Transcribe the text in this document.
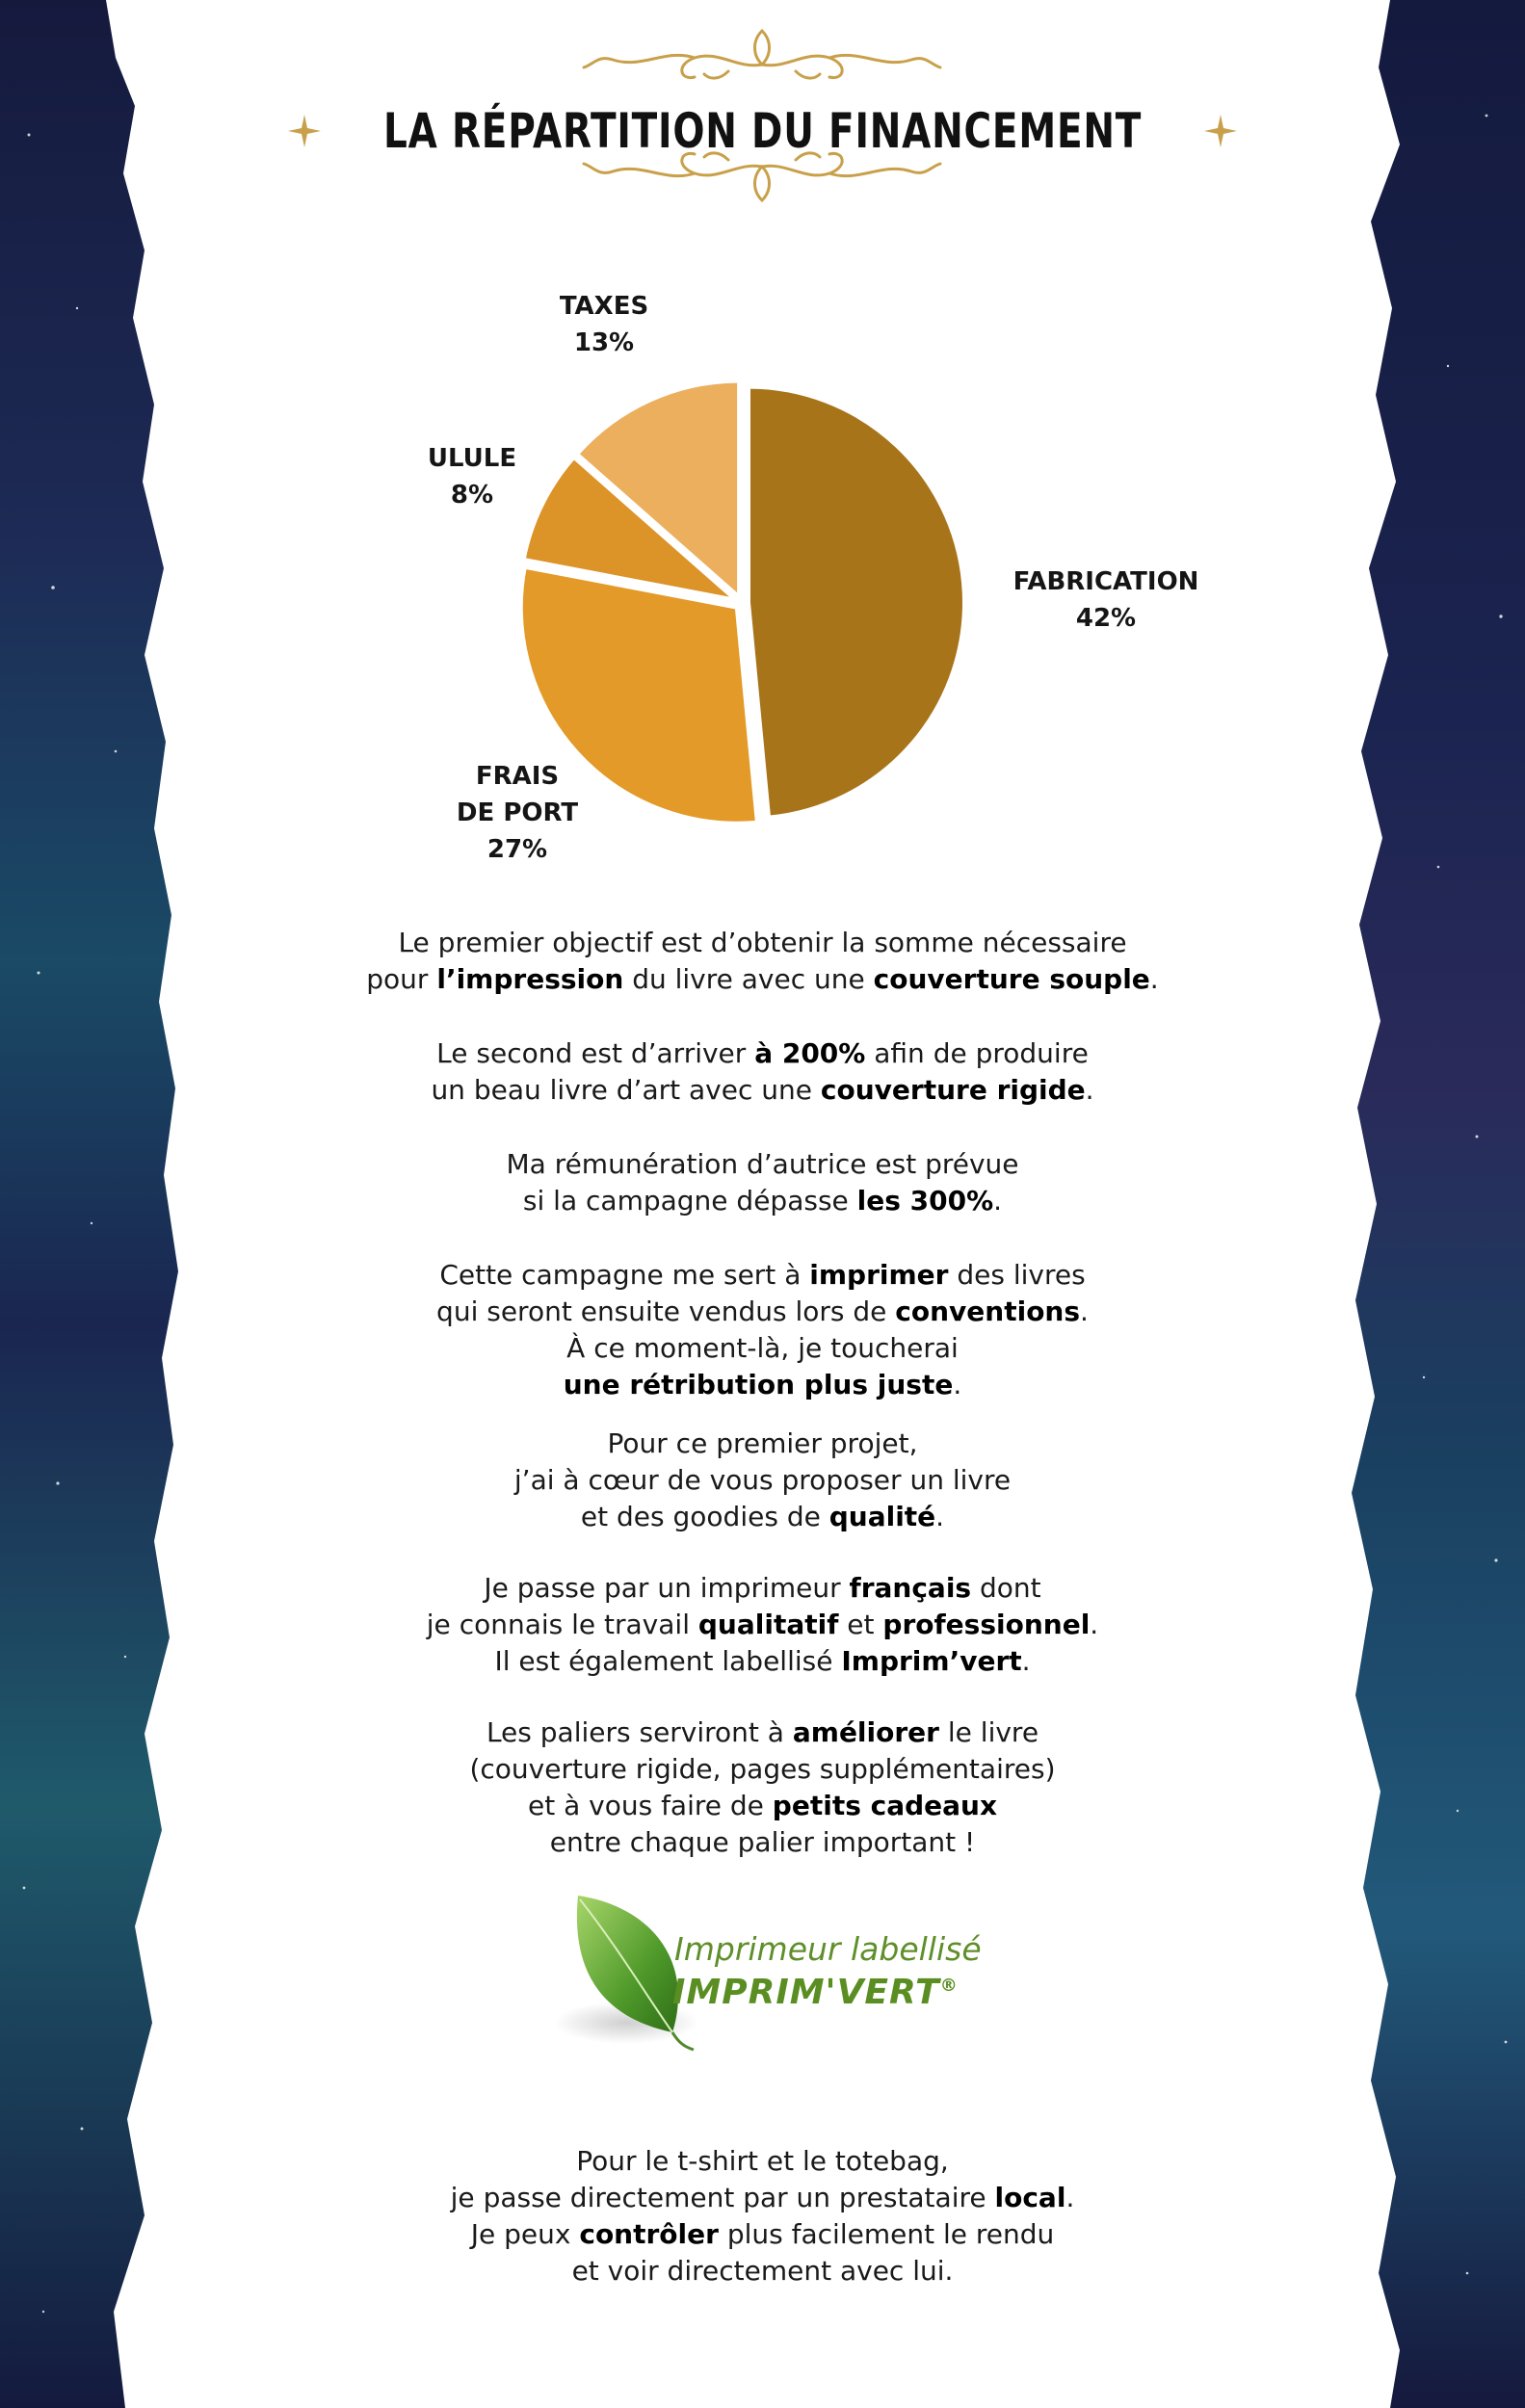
LA RÉPARTITION DU FINANCEMENT
FABRICATION 42%
FRAIS DE PORT 27%
ULULE 8%
TAXES 13%

Le premier objectif est d’obtenir la somme nécessaire
pour l’impression du livre avec une couverture souple.

Le second est d’arriver à 200% afin de produire
un beau livre d’art avec une couverture rigide.

Ma rémunération d’autrice est prévue
si la campagne dépasse les 300%.

Cette campagne me sert à imprimer des livres
qui seront ensuite vendus lors de conventions.
À ce moment-là, je toucherai
une rétribution plus juste.

Pour ce premier projet,
j’ai à cœur de vous proposer un livre
et des goodies de qualité.

Je passe par un imprimeur français dont
je connais le travail qualitatif et professionnel.
Il est également labellisé Imprim’vert.

Les paliers serviront à améliorer le livre
(couverture rigide, pages supplémentaires)
et à vous faire de petits cadeaux
entre chaque palier important !

Pour le t-shirt et le totebag,
je passe directement par un prestataire local.
Je peux contrôler plus facilement le rendu
et voir directement avec lui.

Imprimeur labellisé
IMPRIM'VERT®
